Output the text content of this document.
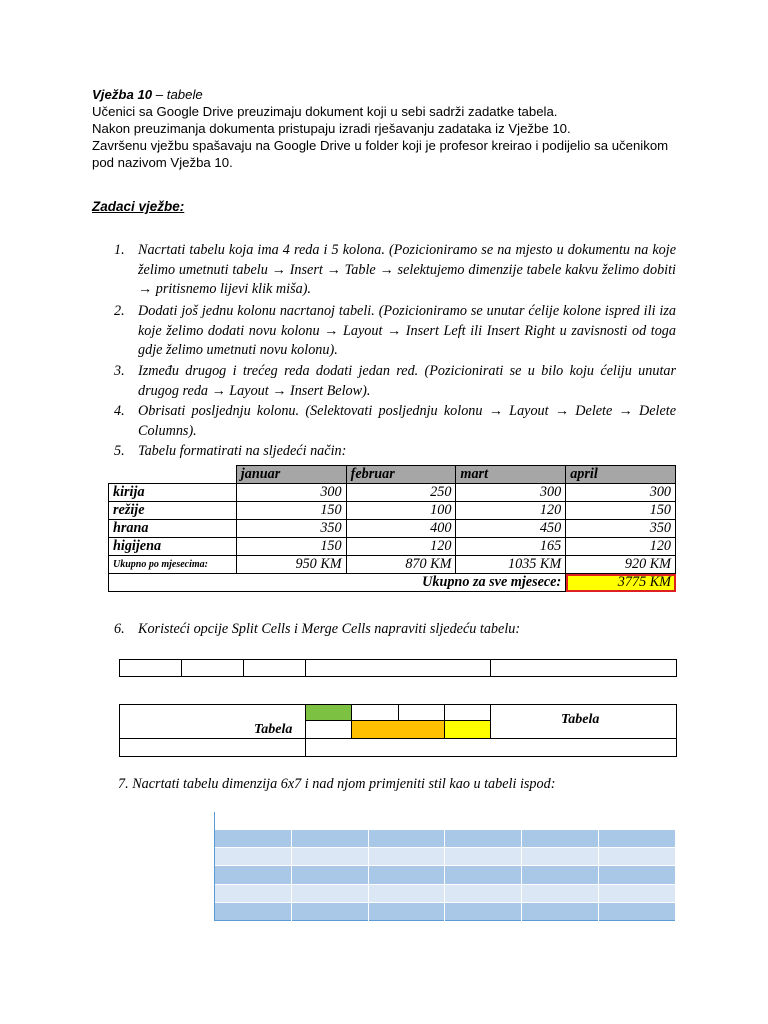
Vježba 10 – tabele
Učenici sa Google Drive preuzimaju dokument koji u sebi sadrži zadatke tabela.
Nakon preuzimanja dokumenta pristupaju izradi rješavanju zadataka iz Vježbe 10.
Završenu vježbu spašavaju na Google Drive u folder koji je profesor kreirao i podijelio sa učenikom pod nazivom Vježba 10.
Zadaci vježbe:
1. Nacrtati tabelu koja ima 4 reda i 5 kolona. (Pozicioniramo se na mjesto u dokumentu na koje želimo umetnuti tabelu → Insert → Table → selektujemo dimenzije tabele kakvu želimo dobiti → pritisnemo lijevi klik miša).
2. Dodati još jednu kolonu nacrtanoj tabeli. (Pozicioniramo se unutar ćelije kolone ispred ili iza koje želimo dodati novu kolonu → Layout → Insert Left ili Insert Right u zavisnosti od toga gdje želimo umetnuti novu kolonu).
3. Između drugog i trećeg reda dodati jedan red. (Pozicionirati se u bilo koju ćeliju unutar drugog reda → Layout → Insert Below).
4. Obrisati posljednju kolonu. (Selektovati posljednju kolonu → Layout → Delete → Delete Columns).
5. Tabelu formatirati na sljedeći način:
	januar	februar	mart	april
kirija	300	250	300	300
režije	150	100	120	150
hrana	350	400	450	350
higijena	150	120	165	120
Ukupno po mjesecima:	950 KM	870 KM	1035 KM	920 KM
Ukupno za sve mjesece:				3775 KM
6. Koristeći opcije Split Cells i Merge Cells napraviti sljedeću tabelu:
Tabela
Tabela
7. Nacrtati tabelu dimenzija 6x7 i nad njom primjeniti stil kao u tabeli ispod:
